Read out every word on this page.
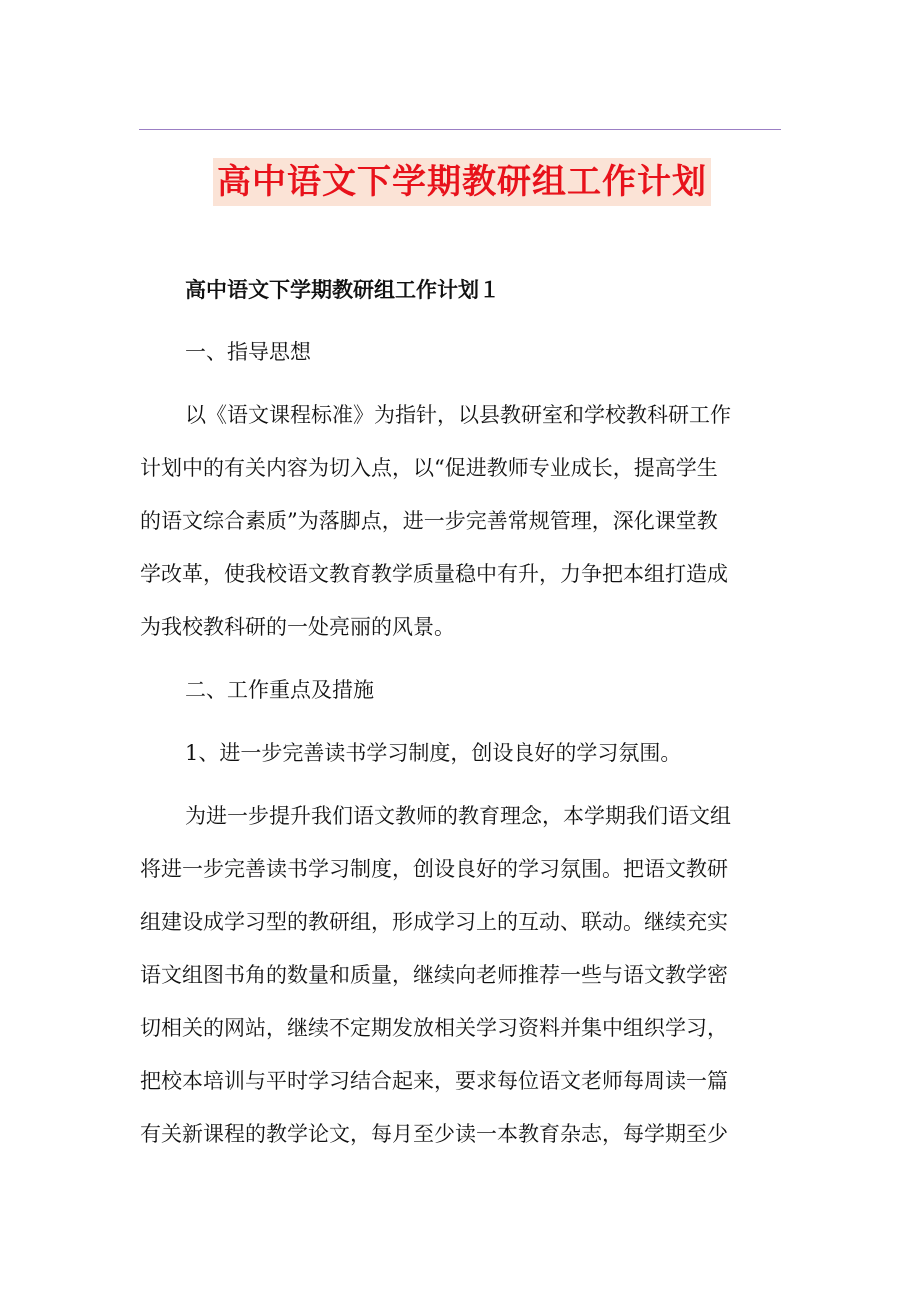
高中语文下学期教研组工作计划

高中语文下学期教研组工作计划１

一、指导思想

以《语文课程标准》为指针，以县教研室和学校教科研工作

计划中的有关内容为切入点，以“促进教师专业成长，提高学生

的语文综合素质”为落脚点，进一步完善常规管理，深化课堂教

学改革，使我校语文教育教学质量稳中有升，力争把本组打造成

为我校教科研的一处亮丽的风景。

二、工作重点及措施

1、进一步完善读书学习制度，创设良好的学习氛围。

为进一步提升我们语文教师的教育理念，本学期我们语文组

将进一步完善读书学习制度，创设良好的学习氛围。把语文教研

组建设成学习型的教研组，形成学习上的互动、联动。继续充实

语文组图书角的数量和质量，继续向老师推荐一些与语文教学密

切相关的网站，继续不定期发放相关学习资料并集中组织学习，

把校本培训与平时学习结合起来，要求每位语文老师每周读一篇

有关新课程的教学论文，每月至少读一本教育杂志，每学期至少
